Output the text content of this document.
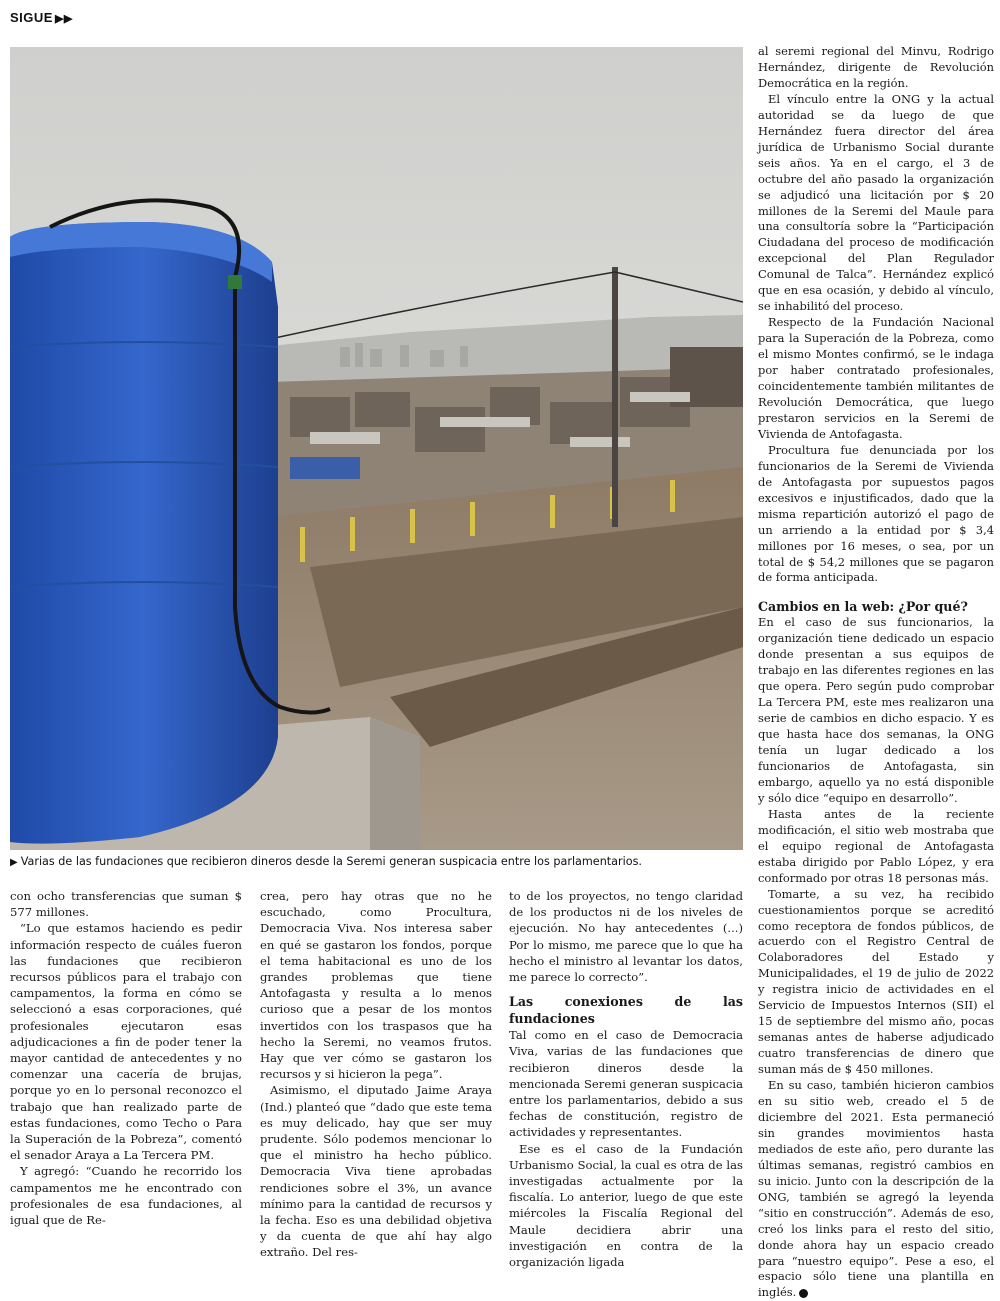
SIGUE ▶▶
▶ Varias de las fundaciones que recibieron dineros desde la Seremi generan suspicacia entre los parlamentarios.

con ocho transferencias que suman $ 577 millones.

“Lo que estamos haciendo es pedir información respecto de cuáles fueron las fundaciones que recibieron recursos públicos para el trabajo con campamentos, la forma en cómo se seleccionó a esas corporaciones, qué profesionales ejecutaron esas adjudicaciones a fin de poder tener la mayor cantidad de antecedentes y no comenzar una cacería de brujas, porque yo en lo personal reconozco el trabajo que han realizado parte de estas fundaciones, como Techo o Para la Superación de la Pobreza”, comentó el senador Araya a La Tercera PM.

Y agregó: “Cuando he recorrido los campamentos me he encontrado con profesionales de esa fundaciones, al igual que de Re-

crea, pero hay otras que no he escuchado, como Procultura, Democracia Viva. Nos interesa saber en qué se gastaron los fondos, porque el tema habitacional es uno de los grandes problemas que tiene Antofagasta y resulta a lo menos curioso que a pesar de los montos invertidos con los traspasos que ha hecho la Seremi, no veamos frutos. Hay que ver cómo se gastaron los recursos y si hicieron la pega”.

Asimismo, el diputado Jaime Araya (Ind.) planteó que “dado que este tema es muy delicado, hay que ser muy prudente. Sólo podemos mencionar lo que el ministro ha hecho público. Democracia Viva tiene aprobadas rendiciones sobre el 3%, un avance mínimo para la cantidad de recursos y la fecha. Eso es una debilidad objetiva y da cuenta de que ahí hay algo extraño. Del res-

to de los proyectos, no tengo claridad de los productos ni de los niveles de ejecución. No hay antecedentes (...) Por lo mismo, me parece que lo que ha hecho el ministro al levantar los datos, me parece lo correcto”.

Las conexiones de las fundaciones

Tal como en el caso de Democracia Viva, varias de las fundaciones que recibieron dineros desde la mencionada Seremi generan suspicacia entre los parlamentarios, debido a sus fechas de constitución, registro de actividades y representantes.

Ese es el caso de la Fundación Urbanismo Social, la cual es otra de las investigadas actualmente por la fiscalía. Lo anterior, luego de que este miércoles la Fiscalía Regional del Maule decidiera abrir una investigación en contra de la organización ligada

al seremi regional del Minvu, Rodrigo Hernández, dirigente de Revolución Democrática en la región.

El vínculo entre la ONG y la actual autoridad se da luego de que Hernández fuera director del área jurídica de Urbanismo Social durante seis años. Ya en el cargo, el 3 de octubre del año pasado la organización se adjudicó una licitación por $ 20 millones de la Seremi del Maule para una consultoría sobre la “Participación Ciudadana del proceso de modificación excepcional del Plan Regulador Comunal de Talca”. Hernández explicó que en esa ocasión, y debido al vínculo, se inhabilitó del proceso.

Respecto de la Fundación Nacional para la Superación de la Pobreza, como el mismo Montes confirmó, se le indaga por haber contratado profesionales, coincidentemente también militantes de Revolución Democrática, que luego prestaron servicios en la Seremi de Vivienda de Antofagasta.

Procultura fue denunciada por los funcionarios de la Seremi de Vivienda de Antofagasta por supuestos pagos excesivos e injustificados, dado que la misma repartición autorizó el pago de un arriendo a la entidad por $ 3,4 millones por 16 meses, o sea, por un total de $ 54,2 millones que se pagaron de forma anticipada.

Cambios en la web: ¿Por qué?

En el caso de sus funcionarios, la organización tiene dedicado un espacio donde presentan a sus equipos de trabajo en las diferentes regiones en las que opera. Pero según pudo comprobar La Tercera PM, este mes realizaron una serie de cambios en dicho espacio. Y es que hasta hace dos semanas, la ONG tenía un lugar dedicado a los funcionarios de Antofagasta, sin embargo, aquello ya no está disponible y sólo dice “equipo en desarrollo”.

Hasta antes de la reciente modificación, el sitio web mostraba que el equipo regional de Antofagasta estaba dirigido por Pablo López, y era conformado por otras 18 personas más.

Tomarte, a su vez, ha recibido cuestionamientos porque se acreditó como receptora de fondos públicos, de acuerdo con el Registro Central de Colaboradores del Estado y Municipalidades, el 19 de julio de 2022 y registra inicio de actividades en el Servicio de Impuestos Internos (SII) el 15 de septiembre del mismo año, pocas semanas antes de haberse adjudicado cuatro transferencias de dinero que suman más de $ 450 millones.

En su caso, también hicieron cambios en su sitio web, creado el 5 de diciembre del 2021. Esta permaneció sin grandes movimientos hasta mediados de este año, pero durante las últimas semanas, registró cambios en su inicio. Junto con la descripción de la ONG, también se agregó la leyenda “sitio en construcción”. Además de eso, creó los links para el resto del sitio, donde ahora hay un espacio creado para “nuestro equipo”. Pese a eso, el espacio sólo tiene una plantilla en inglés.
